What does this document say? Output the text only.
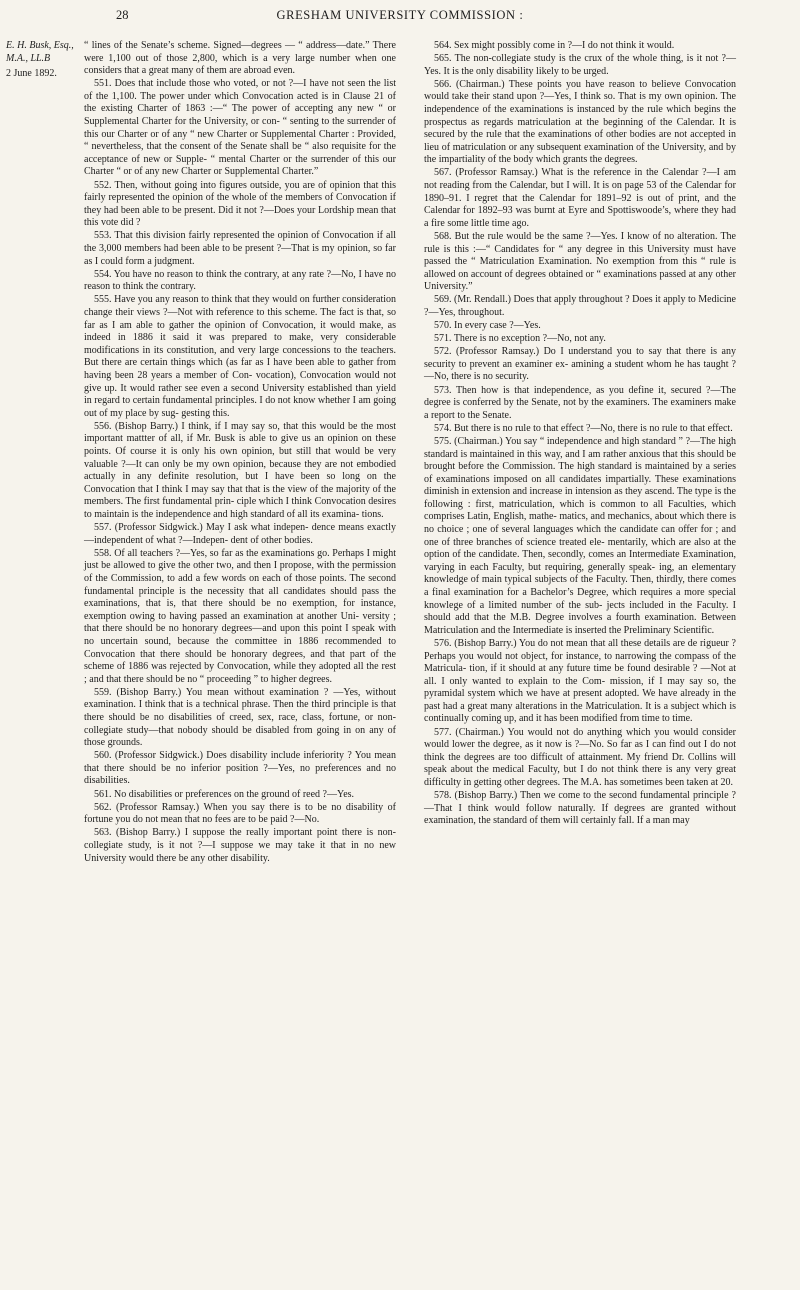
28	GRESHAM UNIVERSITY COMMISSION :
E. H. Busk, Esq., M.A., LL.B
2 June 1892.

“ lines of the Senate’s scheme. Signed—degrees — “ address—date.” There were 1,100 out of those 2,800, which is a very large number when one considers that a great many of them are abroad even.

551. Does that include those who voted, or not ?—I have not seen the list of the 1,100. The power under which Convocation acted is in Clause 21 of the existing Charter of 1863 :—“ The power of accepting any new “ or Supplemental Charter for the University, or con- “ senting to the surrender of this our Charter or of any “ new Charter or Supplemental Charter : Provided, “ nevertheless, that the consent of the Senate shall be “ also requisite for the acceptance of new or Supple- “ mental Charter or the surrender of this our Charter “ or of any new Charter or Supplemental Charter.”

552. Then, without going into figures outside, you are of opinion that this fairly represented the opinion of the whole of the members of Convocation if they had been able to be present. Did it not ?—Does your Lordship mean that this vote did ?

553. That this division fairly represented the opinion of Convocation if all the 3,000 members had been able to be present ?—That is my opinion, so far as I could form a judgment.

554. You have no reason to think the contrary, at any rate ?—No, I have no reason to think the contrary.

555. Have you any reason to think that they would on further consideration change their views ?—Not with reference to this scheme. The fact is that, so far as I am able to gather the opinion of Convocation, it would make, as indeed in 1886 it said it was prepared to make, very considerable modifications in its constitution, and very large concessions to the teachers. But there are certain things which (as far as I have been able to gather from having been 28 years a member of Con- vocation), Convocation would not give up. It would rather see even a second University established than yield in regard to certain fundamental principles. I do not know whether I am going out of my place by sug- gesting this.

556. (Bishop Barry.) I think, if I may say so, that this would be the most important mattter of all, if Mr. Busk is able to give us an opinion on these points. Of course it is only his own opinion, but still that would be very valuable ?—It can only be my own opinion, because they are not embodied actually in any definite resolution, but I have been so long on the Convocation that I think I may say that that is the view of the majority of the members. The first fundamental prin- ciple which I think Convocation desires to maintain is the independence and high standard of all its examina- tions.

557. (Professor Sidgwick.) May I ask what indepen- dence means exactly—independent of what ?—Indepen- dent of other bodies.

558. Of all teachers ?—Yes, so far as the examinations go. Perhaps I might just be allowed to give the other two, and then I propose, with the permission of the Commission, to add a few words on each of those points. The second fundamental principle is the necessity that all candidates should pass the examinations, that is, that there should be no exemption, for instance, exemption owing to having passed an examination at another Uni- versity ; that there should be no honorary degrees—and upon this point I speak with no uncertain sound, because the committee in 1886 recommended to Convocation that there should be honorary degrees, and that part of the scheme of 1886 was rejected by Convocation, while they adopted all the rest ; and that there should be no “ proceeding ” to higher degrees.

559. (Bishop Barry.) You mean without examination ? —Yes, without examination. I think that is a technical phrase. Then the third principle is that there should be no disabilities of creed, sex, race, class, fortune, or non-collegiate study—that nobody should be disabled from going in on any of those grounds.

560. (Professor Sidgwick.) Does disability include inferiority ? You mean that there should be no inferior position ?—Yes, no preferences and no disabilities.

561. No disabilities or preferences on the ground of reed ?—Yes.

562. (Professor Ramsay.) When you say there is to be no disability of fortune you do not mean that no fees are to be paid ?—No.

563. (Bishop Barry.) I suppose the really important point there is non-collegiate study, is it not ?—I suppose we may take it that in no new University would there be any other disability.

564. Sex might possibly come in ?—I do not think it would.

565. The non-collegiate study is the crux of the whole thing, is it not ?—Yes. It is the only disability likely to be urged.

566. (Chairman.) These points you have reason to believe Convocation would take their stand upon ?—Yes, I think so. That is my own opinion. The independence of the examinations is instanced by the rule which begins the prospectus as regards matriculation at the beginning of the Calendar. It is secured by the rule that the examinations of other bodies are not accepted in lieu of matriculation or any subsequent examination of the University, and by the impartiality of the body which grants the degrees.

567. (Professor Ramsay.) What is the reference in the Calendar ?—I am not reading from the Calendar, but I will. It is on page 53 of the Calendar for 1890–91. I regret that the Calendar for 1891–92 is out of print, and the Calendar for 1892–93 was burnt at Eyre and Spottiswoode’s, where they had a fire some little time ago.

568. But the rule would be the same ?—Yes. I know of no alteration. The rule is this :—“ Candidates for “ any degree in this University must have passed the “ Matriculation Examination. No exemption from this “ rule is allowed on account of degrees obtained or “ examinations passed at any other University.”

569. (Mr. Rendall.) Does that apply throughout ? Does it apply to Medicine ?—Yes, throughout.

570. In every case ?—Yes.

571. There is no exception ?—No, not any.

572. (Professor Ramsay.) Do I understand you to say that there is any security to prevent an examiner ex- amining a student whom he has taught ?—No, there is no security.

573. Then how is that independence, as you define it, secured ?—The degree is conferred by the Senate, not by the examiners. The examiners make a report to the Senate.

574. But there is no rule to that effect ?—No, there is no rule to that effect.

575. (Chairman.) You say “ independence and high standard ” ?—The high standard is maintained in this way, and I am rather anxious that this should be brought before the Commission. The high standard is maintained by a series of examinations imposed on all candidates impartially. These examinations diminish in extension and increase in intension as they ascend. The type is the following : first, matriculation, which is common to all Faculties, which comprises Latin, English, mathe- matics, and mechanics, about which there is no choice ; one of several languages which the candidate can offer for ; and one of three branches of science treated ele- mentarily, which are also at the option of the candidate. Then, secondly, comes an Intermediate Examination, varying in each Faculty, but requiring, generally speak- ing, an elementary knowledge of main typical subjects of the Faculty. Then, thirdly, there comes a final examination for a Bachelor’s Degree, which requires a more special knowlege of a limited number of the sub- jects included in the Faculty. I should add that the M.B. Degree involves a fourth examination. Between Matriculation and the Intermediate is inserted the Preliminary Scientific.

576. (Bishop Barry.) You do not mean that all these details are de rigueur ? Perhaps you would not object, for instance, to narrowing the compass of the Matricula- tion, if it should at any future time be found desirable ? —Not at all. I only wanted to explain to the Com- mission, if I may say so, the pyramidal system which we have at present adopted. We have already in the past had a great many alterations in the Matriculation. It is a subject which is continually coming up, and it has been modified from time to time.

577. (Chairman.) You would not do anything which you would consider would lower the degree, as it now is ?—No. So far as I can find out I do not think the degrees are too difficult of attainment. My friend Dr. Collins will speak about the medical Faculty, but I do not think there is any very great difficulty in getting other degrees. The M.A. has sometimes been taken at 20.

578. (Bishop Barry.) Then we come to the second fundamental principle ?—That I think would follow naturally. If degrees are granted without examination, the standard of them will certainly fall. If a man may
